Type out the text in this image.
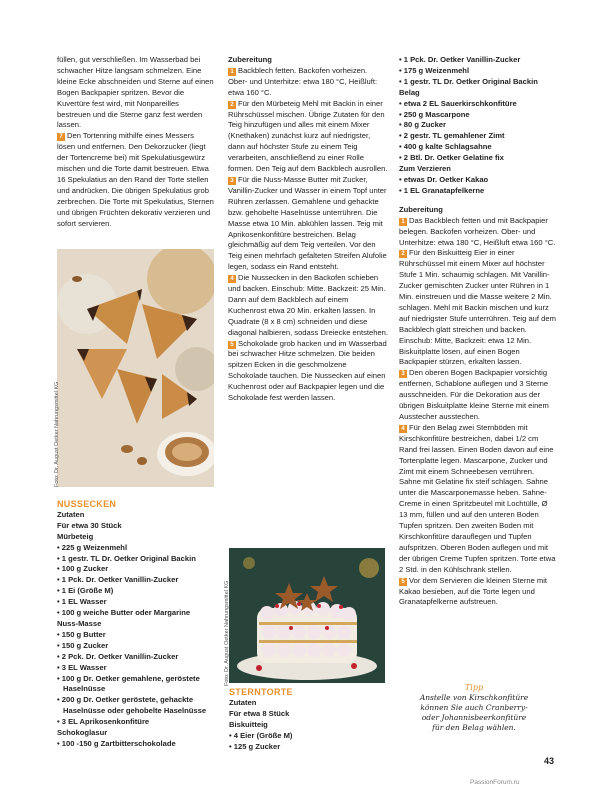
füllen, gut verschließen. Im Wasserbad bei schwacher Hitze langsam schmelzen. Eine kleine Ecke abschneiden und Sterne auf einen Bogen Backpapier spritzen. Bevor die Kuvertüre fest wird, mit Nonpareilles bestreuen und die Sterne ganz fest werden lassen.

7 Den Tortenring mithilfe eines Messers lösen und entfernen. Den Dekorzucker (liegt der Tortencreme bei) mit Spekulatiusgewürz mischen und die Torte damit bestreuen. Etwa 16 Spekulatius an den Rand der Torte stellen und andrücken. Die übrigen Spekulatius grob zerbrechen. Die Torte mit Spekulatius, Sternen und übrigen Früchten dekorativ verzieren und sofort servieren.

Foto: Dr. August Oetker Nahrungsmittel KG

NUSSECKEN

Zutaten

Für etwa 30 Stück

Mürbeteig

• 225 g Weizenmehl

• 1 gestr. TL Dr. Oetker Original Backin

• 100 g Zucker

• 1 Pck. Dr. Oetker Vanillin-Zucker

• 1 Ei (Größe M)

• 1 EL Wasser

• 100 g weiche Butter oder Margarine

Nuss-Masse

• 150 g Butter

• 150 g Zucker

• 2 Pck. Dr. Oetker Vanillin-Zucker

• 3 EL Wasser

• 100 g Dr. Oetker gemahlene, geröstete

Haselnüsse

• 200 g Dr. Oetker geröstete, gehackte

Haselnüsse oder gehobelte Haselnüsse

• 3 EL Aprikosenkonfitüre

Schokoglasur

• 100 -150 g Zartbitterschokolade

Zubereitung

1 Backblech fetten. Backofen vorheizen. Ober- und Unterhitze: etwa 180 °C, Heißluft: etwa 160 °C.

2 Für den Mürbeteig Mehl mit Backin in einer Rührschüssel mischen. Übrige Zutaten für den Teig hinzufügen und alles mit einem Mixer (Knethaken) zunächst kurz auf niedrigster, dann auf höchster Stufe zu einem Teig verarbeiten, anschließend zu einer Rolle formen. Den Teig auf dem Backblech ausrollen.

3 Für die Nuss-Masse Butter mit Zucker, Vanillin-Zucker und Wasser in einem Topf unter Rühren zerlassen. Gemahlene und gehackte bzw. gehobelte Haselnüsse unterrühren. Die Masse etwa 10 Min. abkühlen lassen. Teig mit Aprikosenkonfitüre bestreichen. Belag gleichmäßig auf dem Teig verteilen. Vor den Teig einen mehrfach gefalteten Streifen Alufolie legen, sodass ein Rand entsteht.

4 Die Nussecken in den Backofen schieben und backen. Einschub: Mitte. Backzeit: 25 Min. Dann auf dem Backblech auf einem Kuchenrost etwa 20 Min. erkalten lassen. In Quadrate (8 x 8 cm) schneiden und diese diagonal halbieren, sodass Dreiecke entstehen.

5 Schokolade grob hacken und im Wasserbad bei schwacher Hitze schmelzen. Die beiden spitzen Ecken in die geschmolzene Schokolade tauchen. Die Nussecken auf einen Kuchenrost oder auf Backpapier legen und die Schokolade fest werden lassen.

Foto: Dr. August Oetker Nahrungsmittel KG

STERNTORTE

Zutaten

Für etwa 8 Stück

Biskuitteig

• 4 Eier (Größe M)

• 125 g Zucker

• 1 Pck. Dr. Oetker Vanillin-Zucker

• 175 g Weizenmehl

• 1 gestr. TL Dr. Oetker Original Backin

Belag

• etwa 2 EL Sauerkirschkonfitüre

• 250 g Mascarpone

• 80 g Zucker

• 2 gestr. TL gemahlener Zimt

• 400 g kalte Schlagsahne

• 2 Btl. Dr. Oetker Gelatine fix

Zum Verzieren

• etwas Dr. Oetker Kakao

• 1 EL Granatapfelkerne

Zubereitung

1 Das Backblech fetten und mit Backpapier belegen. Backofen vorheizen. Ober- und Unterhitze: etwa 180 °C, Heißluft etwa 160 °C.

2 Für den Biskuitteig Eier in einer Rührschüssel mit einem Mixer auf höchster Stufe 1 Min. schaumig schlagen. Mit Vanillin-Zucker gemischten Zucker unter Rühren in 1 Min. einstreuen und die Masse weitere 2 Min. schlagen. Mehl mit Backin mischen und kurz auf niedrigster Stufe unterrühren. Teig auf dem Backblech glatt streichen und backen. Einschub: Mitte, Backzeit: etwa 12 Min. Biskuitplatte lösen, auf einen Bogen Backpapier stürzen, erkalten lassen.

3 Den oberen Bogen Backpapier vorsichtig entfernen, Schablone auflegen und 3 Sterne ausschneiden. Für die Dekoration aus der übrigen Biskuitplatte kleine Sterne mit einem Ausstecher ausstechen.

4 Für den Belag zwei Sternböden mit Kirschkonfitüre bestreichen, dabei 1/2 cm Rand frei lassen. Einen Boden davon auf eine Tortenplatte legen. Mascarpone, Zucker und Zimt mit einem Schneebesen verrühren. Sahne mit Gelatine fix steif schlagen. Sahne unter die Mascarponemasse heben. Sahne-Creme in einen Spritzbeutel mit Lochtülle, Ø 13 mm, füllen und auf den unteren Boden Tupfen spritzen. Den zweiten Boden mit Kirschkonfitüre darauflegen und Tupfen aufspritzen. Oberen Boden auflegen und mit der übrigen Creme Tupfen spritzen. Torte etwa 2 Std. in den Kühlschrank stellen.

5 Vor dem Servieren die kleinen Sterne mit Kakao besieben, auf die Torte legen und Granatapfelkerne aufstreuen.

Tipp
Anstelle von Kirschkonfitüre
können Sie auch Cranberry-
oder Johannisbeerkonfitüre
für den Belag wählen.
43
PassionForum.ru
